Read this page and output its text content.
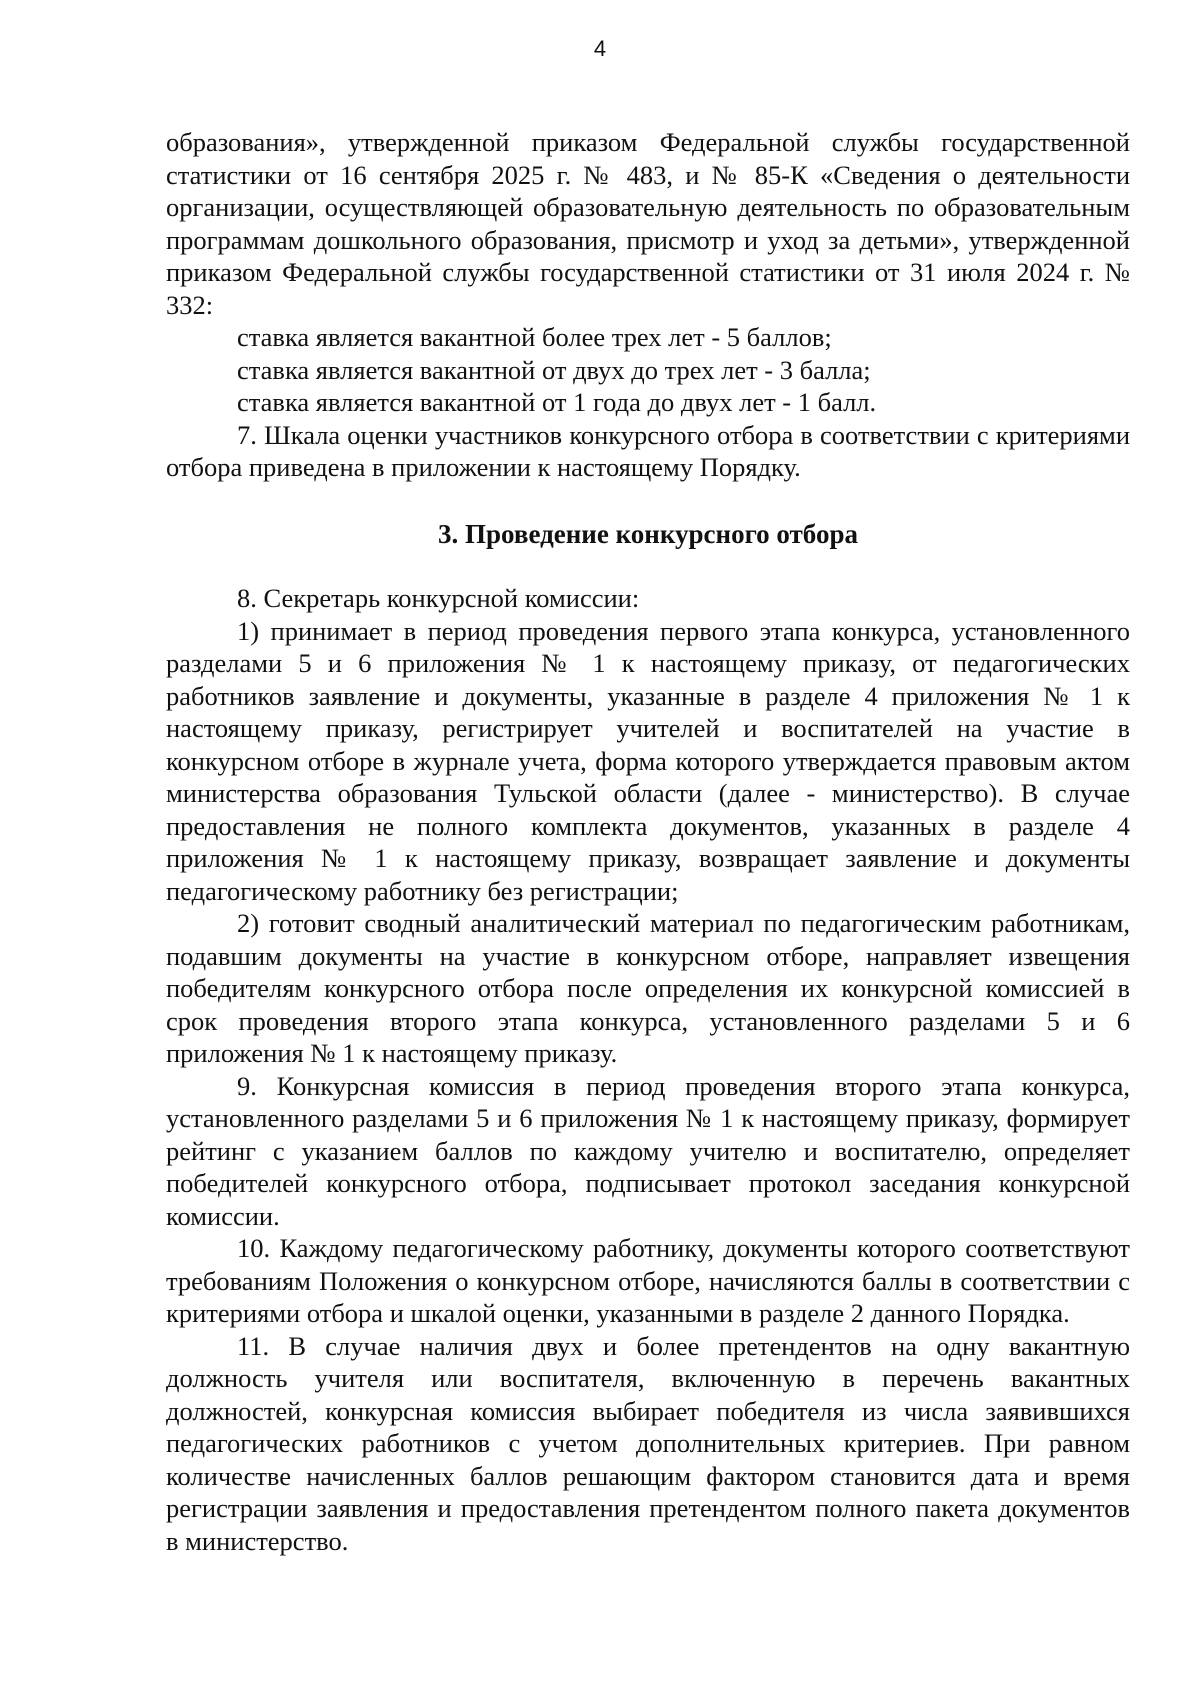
4

образования», утвержденной приказом Федеральной службы государственной статистики от 16 сентября 2025 г. № 483, и № 85-К «Сведения о деятельности организации, осуществляющей образовательную деятельность по образовательным программам дошкольного образования, присмотр и уход за детьми», утвержденной приказом Федеральной службы государственной статистики от 31 июля 2024 г. № 332:

ставка является вакантной более трех лет - 5 баллов;

ставка является вакантной от двух до трех лет - 3 балла;

ставка является вакантной от 1 года до двух лет - 1 балл.

7. Шкала оценки участников конкурсного отбора в соответствии с критериями отбора приведена в приложении к настоящему Порядку.

3. Проведение конкурсного отбора

8. Секретарь конкурсной комиссии:

1) принимает в период проведения первого этапа конкурса, установленного разделами 5 и 6 приложения № 1 к настоящему приказу, от педагогических работников заявление и документы, указанные в разделе 4 приложения № 1 к настоящему приказу, регистрирует учителей и воспитателей на участие в конкурсном отборе в журнале учета, форма которого утверждается правовым актом министерства образования Тульской области (далее - министерство). В случае предоставления не полного комплекта документов, указанных в разделе 4 приложения № 1 к настоящему приказу, возвращает заявление и документы педагогическому работнику без регистрации;

2) готовит сводный аналитический материал по педагогическим работникам, подавшим документы на участие в конкурсном отборе, направляет извещения победителям конкурсного отбора после определения их конкурсной комиссией в срок проведения второго этапа конкурса, установленного разделами 5 и 6 приложения № 1 к настоящему приказу.

9. Конкурсная комиссия в период проведения второго этапа конкурса, установленного разделами 5 и 6 приложения № 1 к настоящему приказу, формирует рейтинг с указанием баллов по каждому учителю и воспитателю, определяет победителей конкурсного отбора, подписывает протокол заседания конкурсной комиссии.

10. Каждому педагогическому работнику, документы которого соответствуют требованиям Положения о конкурсном отборе, начисляются баллы в соответствии с критериями отбора и шкалой оценки, указанными в разделе 2 данного Порядка.

11. В случае наличия двух и более претендентов на одну вакантную должность учителя или воспитателя, включенную в перечень вакантных должностей, конкурсная комиссия выбирает победителя из числа заявившихся педагогических работников с учетом дополнительных критериев. При равном количестве начисленных баллов решающим фактором становится дата и время регистрации заявления и предоставления претендентом полного пакета документов в министерство.
